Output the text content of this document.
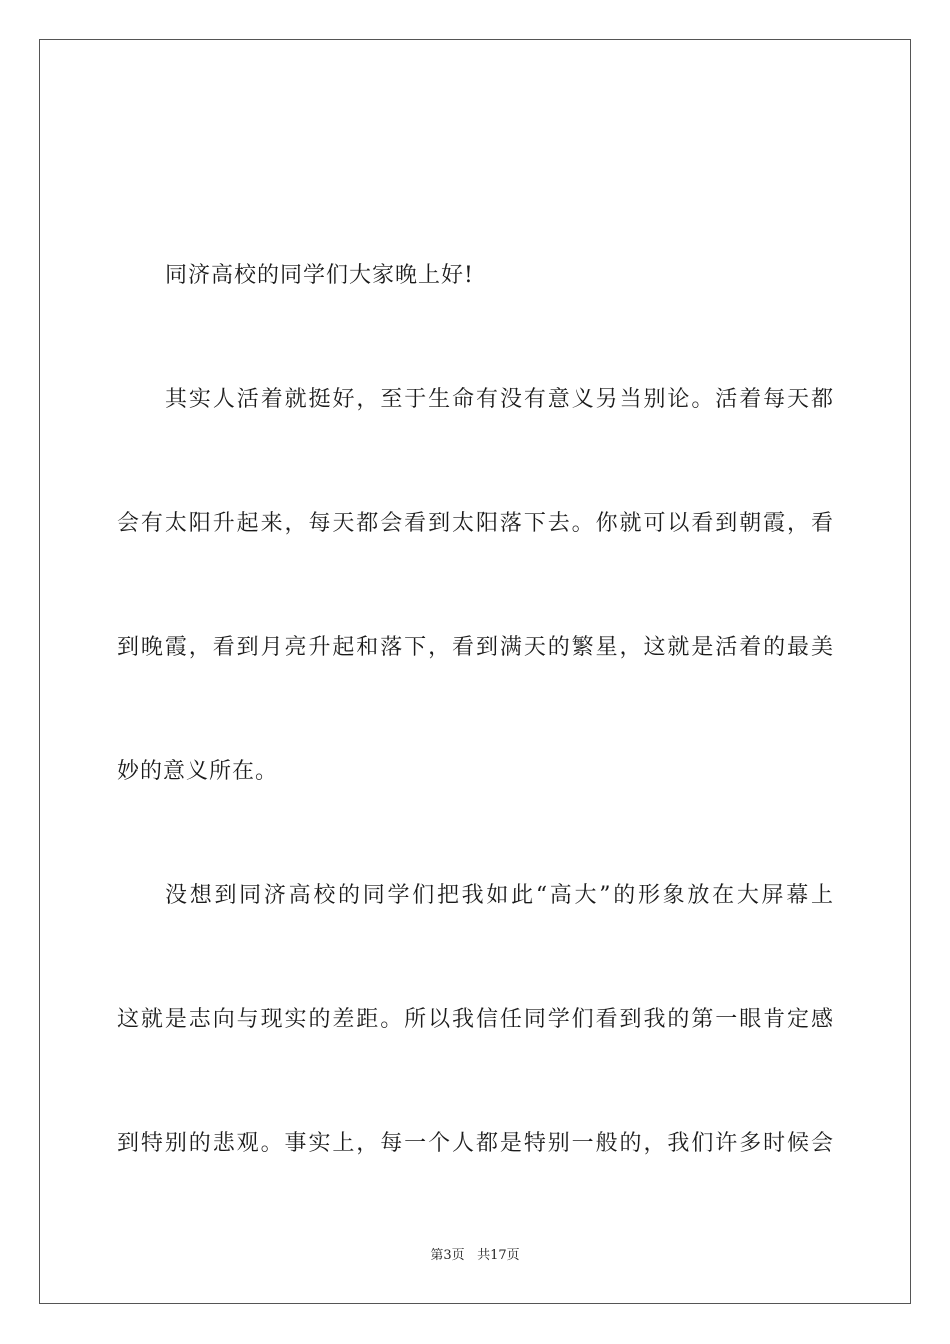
同济高校的同学们大家晚上好!
其实人活着就挺好，至于生命有没有意义另当别论。活着每天都
会有太阳升起来，每天都会看到太阳落下去。你就可以看到朝霞，看
到晚霞，看到月亮升起和落下，看到满天的繁星，这就是活着的最美
妙的意义所在。
没想到同济高校的同学们把我如此“高大”的形象放在大屏幕上
这就是志向与现实的差距。所以我信任同学们看到我的第一眼肯定感
到特别的悲观。事实上，每一个人都是特别一般的，我们许多时候会
第3页 共17页
